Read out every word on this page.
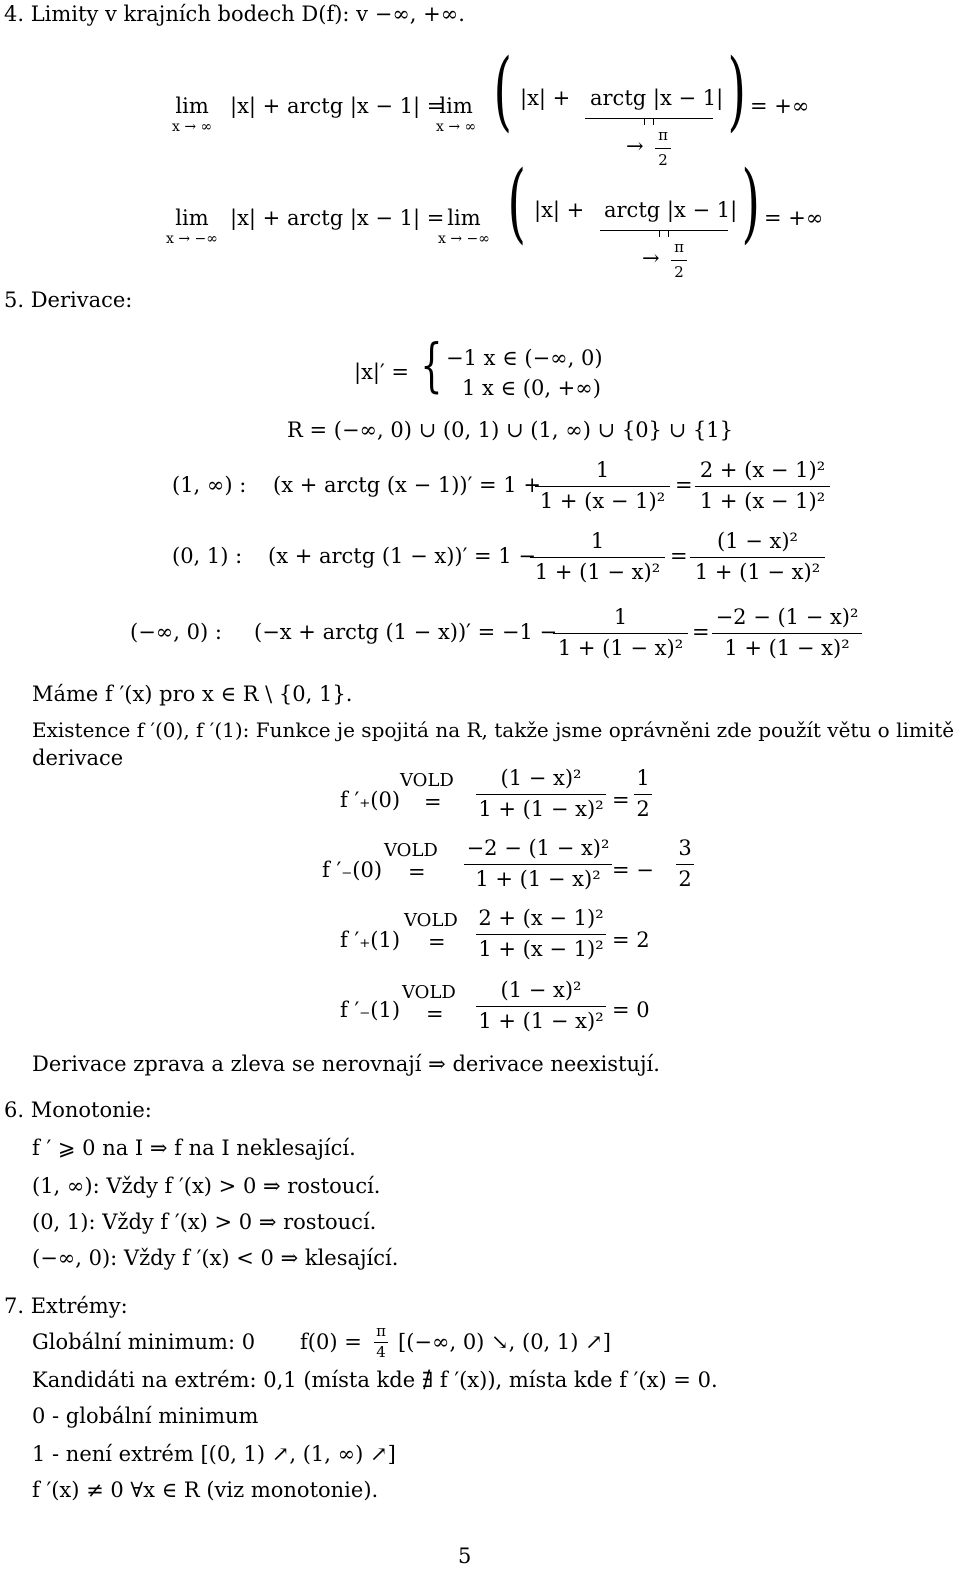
4. Limity v krajních bodech D(f): v −∞, +∞.
lim
x → ∞
|x| + arctg |x − 1| =
lim
x → ∞ ( |x| + arctg |x − 1|
→ π
2
) = +∞
lim
x → −∞
|x| + arctg |x − 1| = lim
x → −∞ ( |x| + arctg |x − 1|
→ π
2
) = +∞
5. Derivace:
|x|′ = { −1 x ∈ (−∞, 0)
1 x ∈ (0, +∞)
R = (−∞, 0) ∪ (0, 1) ∪ (1, ∞) ∪ {0} ∪ {1}
(1, ∞) : (x + arctg (x − 1))′ = 1 +
1
1 + (x − 1)²
=
2 + (x − 1)²
1 + (x − 1)²
(0, 1) : (x + arctg (1 − x))′ = 1 −
1
1 + (1 − x)²
=
(1 − x)²
1 + (1 − x)²
(−∞, 0) : (−x + arctg (1 − x))′ = −1 −
1
1 + (1 − x)²
=
−2 − (1 − x)²
1 + (1 − x)²
Máme f ′(x) pro x ∈ R \ {0, 1}.
Existence f ′(0), f ′(1): Funkce je spojitá na R, takže jsme oprávněni zde použít větu o limitě
derivace
f ′₊(0)
VOLD
=
(1 − x)²
1 + (1 − x)² =
1
2
f ′₋(0)
VOLD
=
−2 − (1 − x)²
1 + (1 − x)² = −
3
2
f ′₊(1)
VOLD
=
2 + (x − 1)²
1 + (x − 1)² = 2
f ′₋(1)
VOLD
=
(1 − x)²
1 + (1 − x)² = 0
Derivace zprava a zleva se nerovnají ⇒ derivace neexistují.
6. Monotonie:
f ′ ⩾ 0 na I ⇒ f na I neklesající.
(1, ∞): Vždy f ′(x) > 0 ⇒ rostoucí.
(0, 1): Vždy f ′(x) > 0 ⇒ rostoucí.
(−∞, 0): Vždy f ′(x) < 0 ⇒ klesající.
7. Extrémy:
Globální minimum: 0 f(0) = π
4 [(−∞, 0) ↘, (0, 1) ↗]
Kandidáti na extrém: 0,1 (místa kde ∄ f ′(x)), místa kde f ′(x) = 0.
0 - globální minimum
1 - není extrém [(0, 1) ↗, (1, ∞) ↗]
f ′(x) ≠ 0 ∀x ∈ R (viz monotonie).
5
